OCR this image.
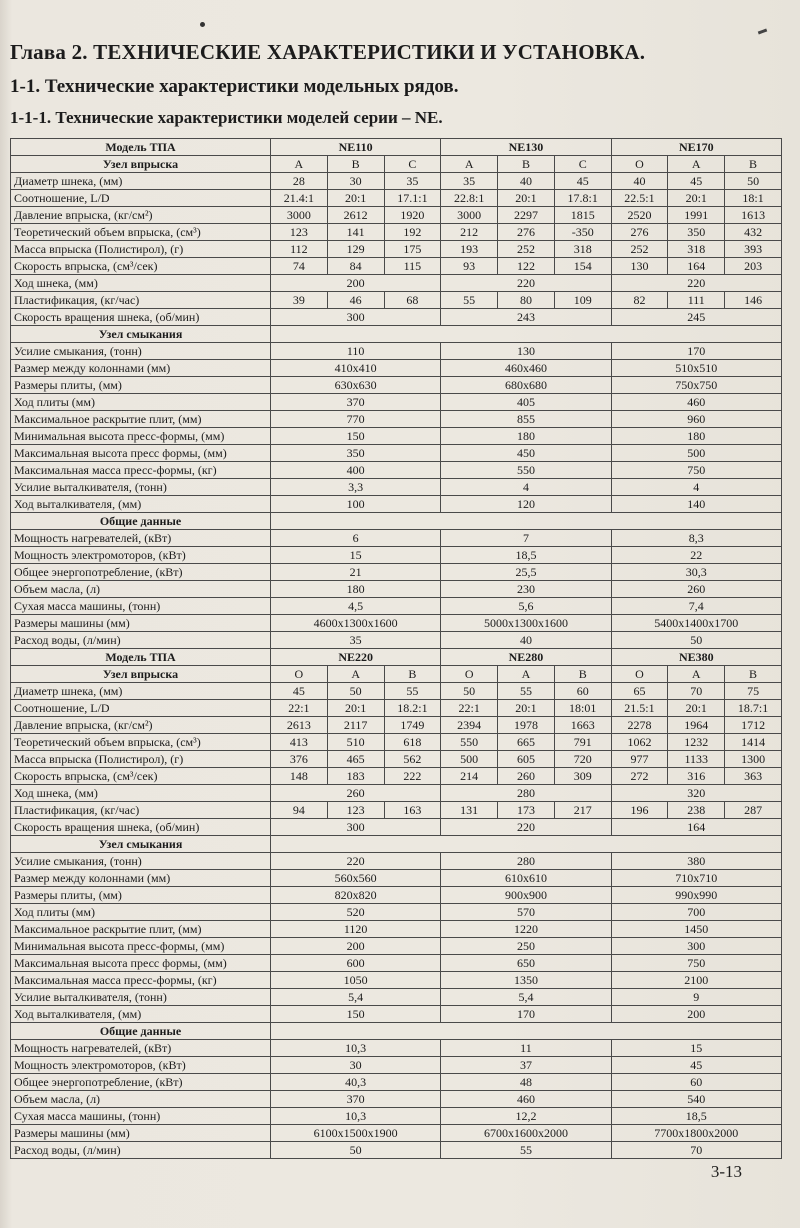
Глава 2. ТЕХНИЧЕСКИЕ ХАРАКТЕРИСТИКИ И УСТАНОВКА.
1-1. Технические характеристики модельных рядов.
1-1-1. Технические характеристики моделей серии – NE.
Модель ТПА	NE110			NE130			NE170		
Узел впрыска	A	B	C	A	B	C	O	A	B
Диаметр шнека, (мм)	28	30	35	35	40	45	40	45	50
Соотношение, L/D	21.4:1	20:1	17.1:1	22.8:1	20:1	17.8:1	22.5:1	20:1	18:1
Давление впрыска, (кг/см²)	3000	2612	1920	3000	2297	1815	2520	1991	1613
Теоретический объем впрыска, (см³)	123	141	192	212	276	-350	276	350	432
Масса впрыска (Полистирол), (г)	112	129	175	193	252	318	252	318	393
Скорость впрыска, (см³/сек)	74	84	115	93	122	154	130	164	203
Ход шнека, (мм)	200			220			220		
Пластификация, (кг/час)	39	46	68	55	80	109	82	111	146
Скорость вращения шнека, (об/мин)	300			243			245		
Узел смыкания									
Усилие смыкания, (тонн)	110			130			170		
Размер между колоннами (мм)	410x410			460x460			510x510		
Размеры плиты, (мм)	630x630			680x680			750x750		
Ход плиты (мм)	370			405			460		
Максимальное раскрытие плит, (мм)	770			855			960		
Минимальная высота пресс-формы, (мм)	150			180			180		
Максимальная высота пресс формы, (мм)	350			450			500		
Максимальная масса пресс-формы, (кг)	400			550			750		
Усилие выталкивателя, (тонн)	3,3			4			4		
Ход выталкивателя, (мм)	100			120			140		
Общие данные									
Мощность нагревателей, (кВт)	6			7			8,3		
Мощность электромоторов, (кВт)	15			18,5			22		
Общее энергопотребление, (кВт)	21			25,5			30,3		
Объем масла, (л)	180			230			260		
Сухая масса машины, (тонн)	4,5			5,6			7,4		
Размеры машины (мм)	4600x1300x1600			5000x1300x1600			5400x1400x1700		
Расход воды, (л/мин)	35			40			50		
Модель ТПА	NE220			NE280			NE380		
Узел впрыска	O	A	B	O	A	B	O	A	B
Диаметр шнека, (мм)	45	50	55	50	55	60	65	70	75
Соотношение, L/D	22:1	20:1	18.2:1	22:1	20:1	18:01	21.5:1	20:1	18.7:1
Давление впрыска, (кг/см²)	2613	2117	1749	2394	1978	1663	2278	1964	1712
Теоретический объем впрыска, (см³)	413	510	618	550	665	791	1062	1232	1414
Масса впрыска (Полистирол), (г)	376	465	562	500	605	720	977	1133	1300
Скорость впрыска, (см³/сек)	148	183	222	214	260	309	272	316	363
Ход шнека, (мм)	260			280			320		
Пластификация, (кг/час)	94	123	163	131	173	217	196	238	287
Скорость вращения шнека, (об/мин)	300			220			164		
Узел смыкания									
Усилие смыкания, (тонн)	220			280			380		
Размер между колоннами (мм)	560x560			610x610			710x710		
Размеры плиты, (мм)	820x820			900x900			990x990		
Ход плиты (мм)	520			570			700		
Максимальное раскрытие плит, (мм)	1120			1220			1450		
Минимальная высота пресс-формы, (мм)	200			250			300		
Максимальная высота пресс формы, (мм)	600			650			750		
Максимальная масса пресс-формы, (кг)	1050			1350			2100		
Усилие выталкивателя, (тонн)	5,4			5,4			9		
Ход выталкивателя, (мм)	150			170			200		
Общие данные									
Мощность нагревателей, (кВт)	10,3			11			15		
Мощность электромоторов, (кВт)	30			37			45		
Общее энергопотребление, (кВт)	40,3			48			60		
Объем масла, (л)	370			460			540		
Сухая масса машины, (тонн)	10,3			12,2			18,5		
Размеры машины (мм)	6100x1500x1900			6700x1600x2000			7700x1800x2000		
Расход воды, (л/мин)	50			55			70		

3-13
